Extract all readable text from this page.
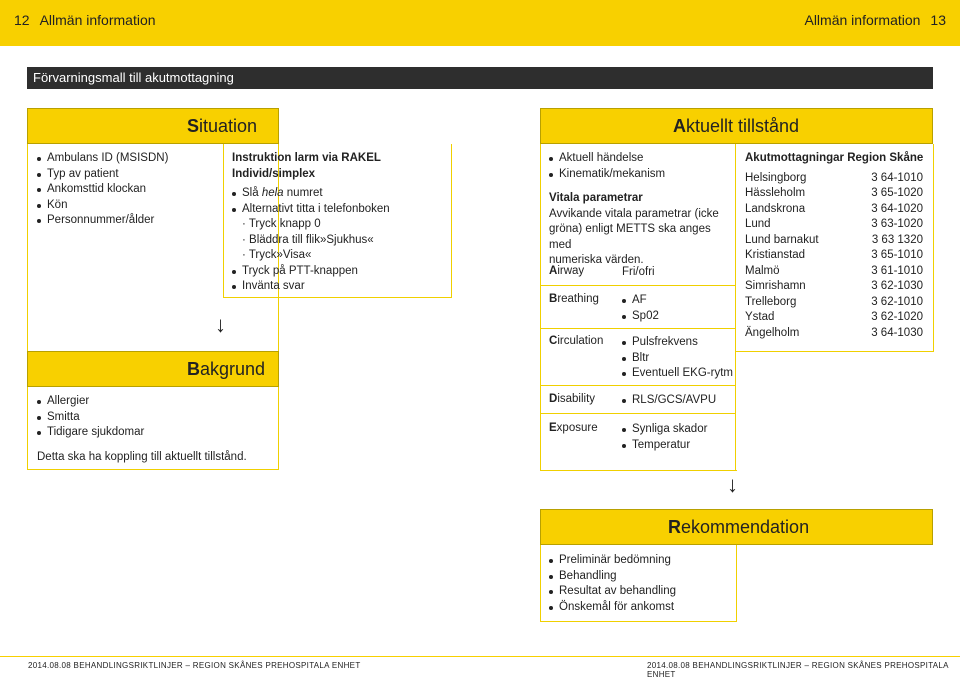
12 Allmän information	Allmän information 13
Förvarningsmall till akutmottagning
Situation
Ambulans ID (MSISDN)
Typ av patient
Ankomsttid klockan
Kön
Personnummer/ålder
Instruktion larm via RAKEL
Individ/simplex
Slå hela numret
Alternativt titta i telefonboken
· Tryck knapp 0
· Bläddra till flik»Sjukhus«
· Tryck»Visa«
Tryck på PTT-knappen
Invänta svar
↓
Bakgrund
Allergier
Smitta
Tidigare sjukdomar
Detta ska ha koppling till aktuellt tillstånd.
Aktuellt tillstånd
Aktuell händelse
Kinematik/mekanism
Vitala parametrar
Avvikande vitala parametrar (icke
gröna) enligt METTS ska anges med
numeriska värden.
Airway	Fri/ofri
Breathing	AF
Sp02
Circulation	Pulsfrekvens
Bltr
Eventuell EKG-rytm
Disability	RLS/GCS/AVPU
Exposure	Synliga skador
Temperatur
Akutmottagningar Region Skåne
Helsingborg	3 64-1010
Hässleholm	3 65-1020
Landskrona	3 64-1020
Lund	3 63-1020
Lund barnakut	3 63 1320
Kristianstad	3 65-1010
Malmö	3 61-1010
Simrishamn	3 62-1030
Trelleborg	3 62-1010
Ystad	3 62-1020
Ängelholm	3 64-1030
↓
Rekommendation
Preliminär bedömning
Behandling
Resultat av behandling
Önskemål för ankomst
2014.08.08 BEHANDLINGSRIKTLINJER – REGION SKÅNES PREHOSPITALA ENHET	2014.08.08 BEHANDLINGSRIKTLINJER – REGION SKÅNES PREHOSPITALA ENHET
